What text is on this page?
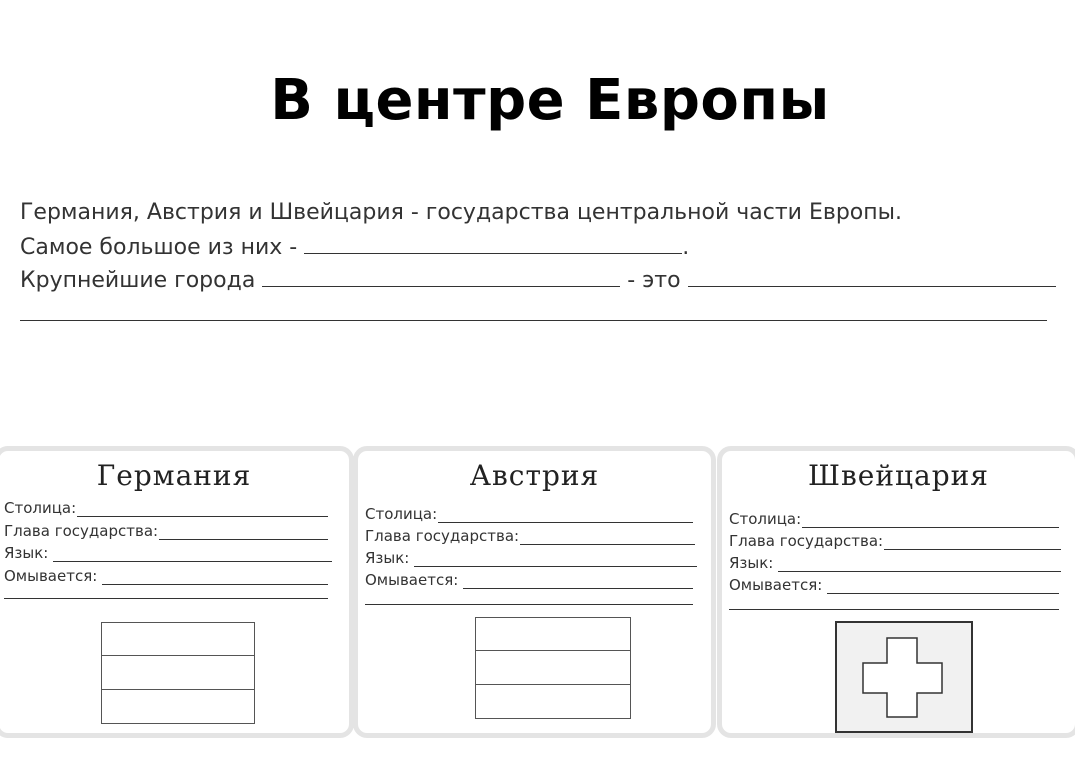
В центре Европы
Германия, Австрия и Швейцария - государства центральной части Европы.
Самое большое из них -	.
Крупнейшие города	- это
Германия
Столица:
Глава государства:
Язык:
Омывается:
Австрия
Столица:
Глава государства:
Язык:
Омывается:
Швейцария
Столица:
Глава государства:
Язык:
Омывается:
